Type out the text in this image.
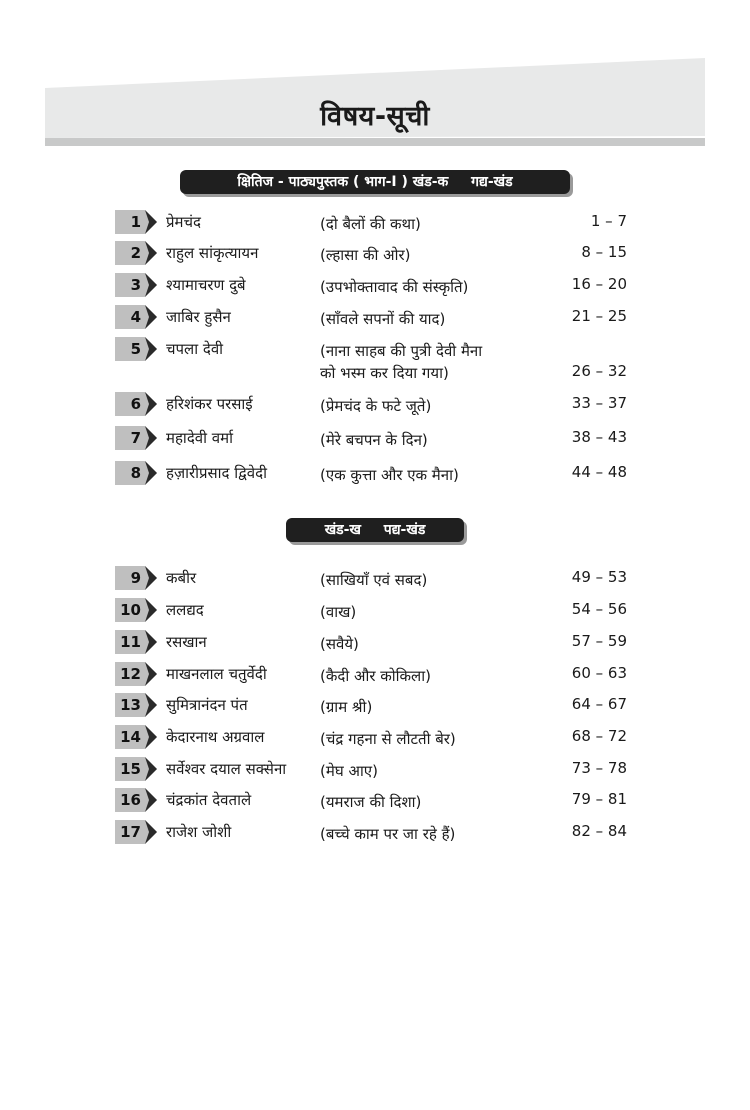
विषय-सूची
क्षितिज - पाठ्यपुस्तक ( भाग-I ) खंड-क गद्य-खंड
खंड-ख पद्य-खंड
1 प्रेमचंद	(दो बैलों की कथा)	1 – 7
2 राहुल सांकृत्यायन	(ल्हासा की ओर)	8 – 15
3 श्यामाचरण दुबे	(उपभोक्तावाद की संस्कृति)	16 – 20
4 जाबिर हुसैन	(साँवले सपनों की याद)	21 – 25
5 चपला देवी	(नाना साहब की पुत्री देवी मैना
को भस्म कर दिया गया)	26 – 32
6 हरिशंकर परसाई	(प्रेमचंद के फटे जूते)	33 – 37
7 महादेवी वर्मा	(मेरे बचपन के दिन)	38 – 43
8 हज़ारीप्रसाद द्विवेदी	(एक कुत्ता और एक मैना)	44 – 48
9 कबीर	(साखियाँ एवं सबद)	49 – 53
10 ललद्यद	(वाख)	54 – 56
11 रसखान	(सवैये)	57 – 59
12 माखनलाल चतुर्वेदी	(कैदी और कोकिला)	60 – 63
13 सुमित्रानंदन पंत	(ग्राम श्री)	64 – 67
14 केदारनाथ अग्रवाल	(चंद्र गहना से लौटती बेर)	68 – 72
15 सर्वेश्वर दयाल सक्सेना (मेघ आए)	73 – 78
16 चंद्रकांत देवताले	(यमराज की दिशा)	79 – 81
17 राजेश जोशी	(बच्चे काम पर जा रहे हैं)	82 – 84
